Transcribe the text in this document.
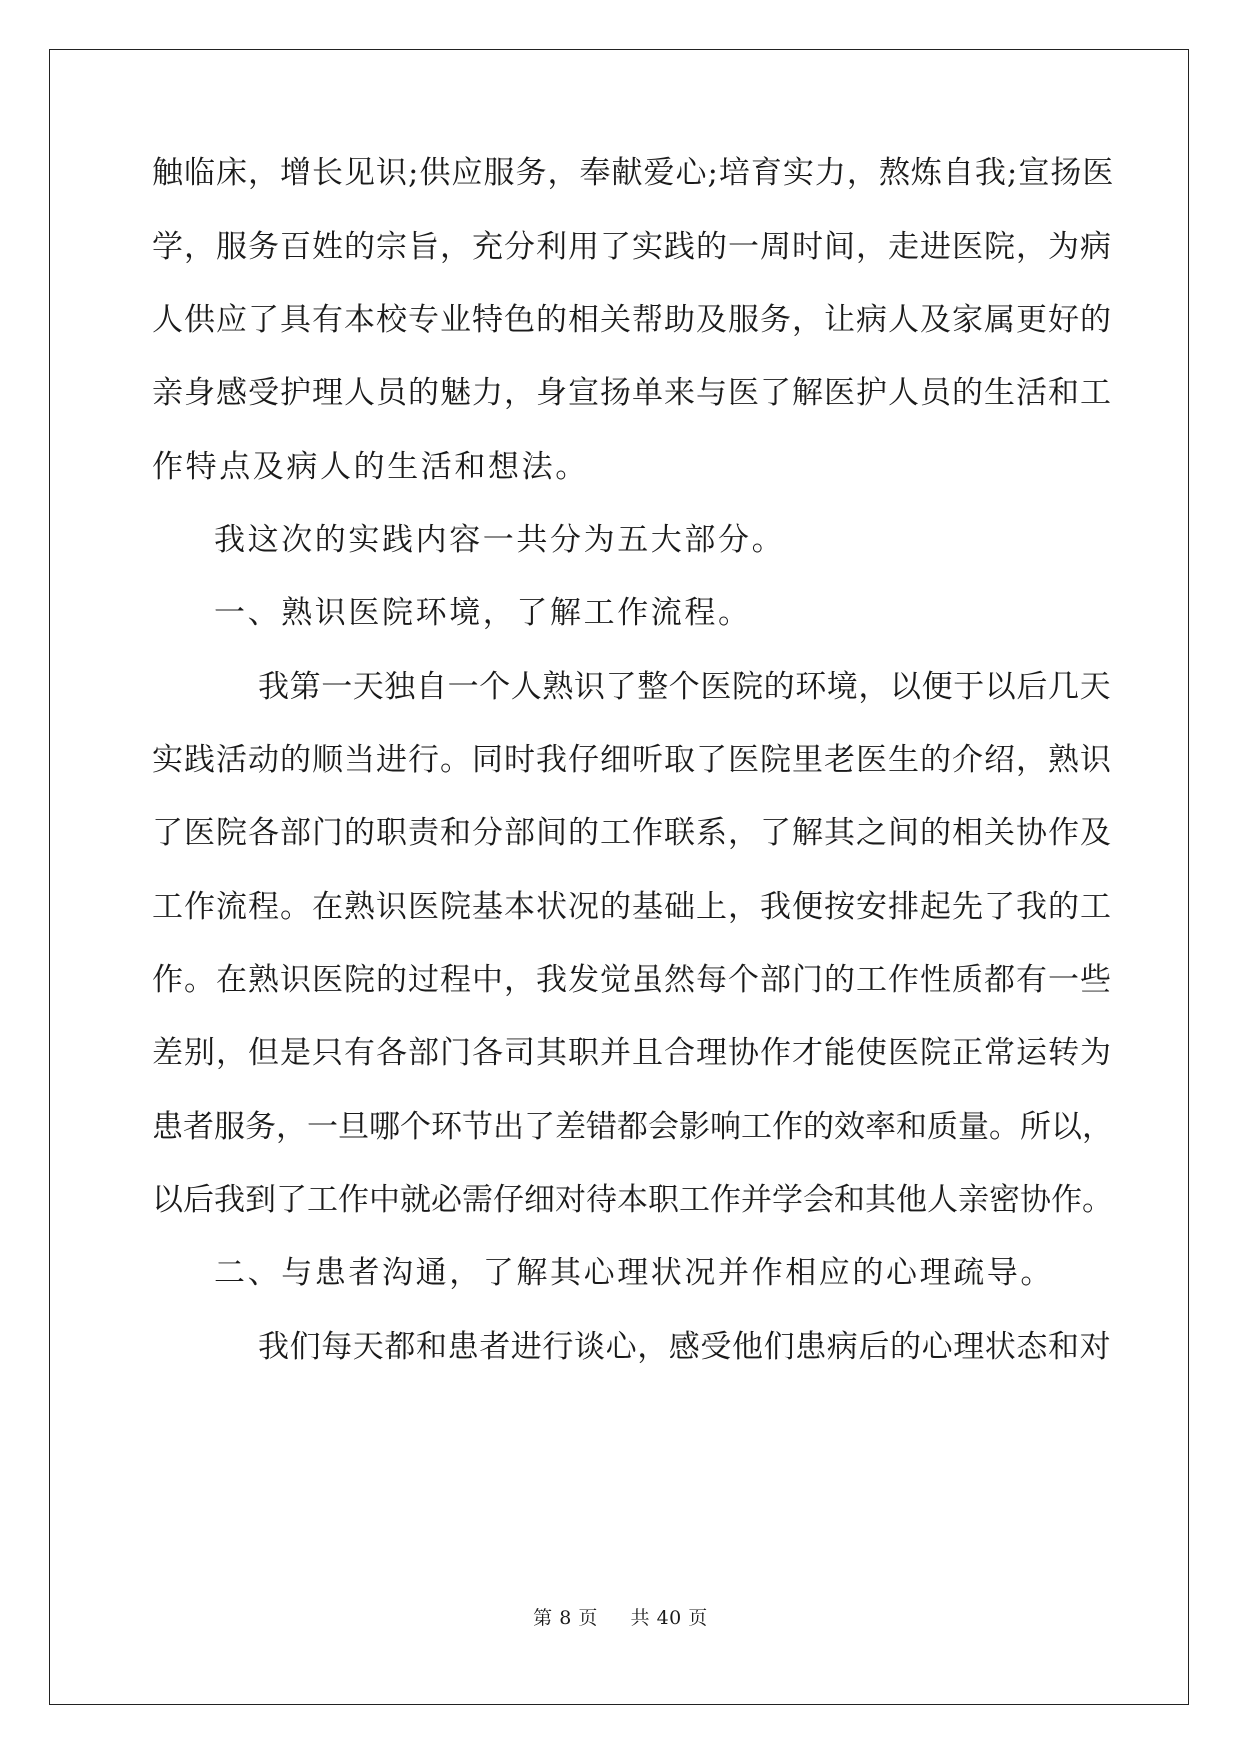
触临床，增长见识;供应服务，奉献爱心;培育实力，熬炼自我;宣扬医
学，服务百姓的宗旨，充分利用了实践的一周时间，走进医院，为病
人供应了具有本校专业特色的相关帮助及服务，让病人及家属更好的
亲身感受护理人员的魅力，身宣扬单来与医了解医护人员的生活和工
作特点及病人的生活和想法。
我这次的实践内容一共分为五大部分。
一、熟识医院环境，了解工作流程。
我第一天独自一个人熟识了整个医院的环境，以便于以后几天
实践活动的顺当进行。同时我仔细听取了医院里老医生的介绍，熟识
了医院各部门的职责和分部间的工作联系，了解其之间的相关协作及
工作流程。在熟识医院基本状况的基础上，我便按安排起先了我的工
作。在熟识医院的过程中，我发觉虽然每个部门的工作性质都有一些
差别，但是只有各部门各司其职并且合理协作才能使医院正常运转为
患者服务，一旦哪个环节出了差错都会影响工作的效率和质量。所以，
以后我到了工作中就必需仔细对待本职工作并学会和其他人亲密协作。
二、与患者沟通，了解其心理状况并作相应的心理疏导。
我们每天都和患者进行谈心，感受他们患病后的心理状态和对
第 8 页 共 40 页
